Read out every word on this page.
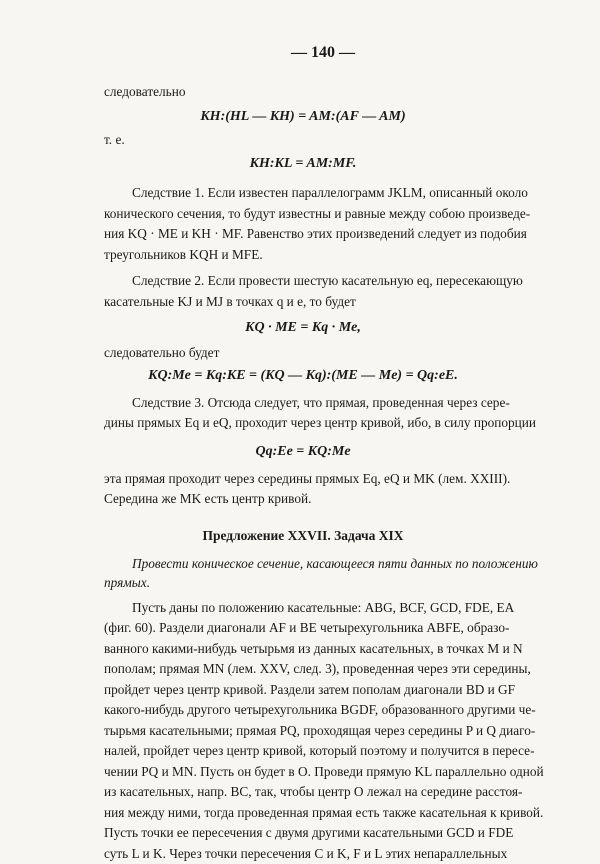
— 140 —

следовательно

KH:(HL — KH) = AM:(AF — AM)

т. е.

KH:KL = AM:MF.

Следствие 1. Если известен параллелограмм JKLM, описанный около

конического сечения, то будут известны и равные между собою произведе-

ния KQ · ME и KH · MF. Равенство этих произведений следует из подобия

треугольников KQH и MFE.

Следствие 2. Если провести шестую касательную eq, пересекающую

касательные KJ и MJ в точках q и e, то будет

KQ · ME = Kq · Me,

следовательно будет

KQ:Me = Kq:KE = (KQ — Kq):(ME — Me) = Qq:eE.

Следствие 3. Отсюда следует, что прямая, проведенная через сере-

дины прямых Eq и eQ, проходит через центр кривой, ибо, в силу пропорции

Qq:Ee = KQ:Me

эта прямая проходит через середины прямых Eq, eQ и MK (лем. XXIII).

Середина же MK есть центр кривой.

Предложение XXVII. Задача XIX

Провести коническое сечение, касающееся пяти данных по положению

прямых.

Пусть даны по положению касательные: ABG, BCF, GCD, FDE, EA

(фиг. 60). Раздели диагонали AF и BE четырехугольника ABFE, образо-

ванного какими-нибудь четырьмя из данных касательных, в точках M и N

пополам; прямая MN (лем. XXV, след. 3), проведенная через эти середины,

пройдет через центр кривой. Раздели затем пополам диагонали BD и GF

какого-нибудь другого четырехугольника BGDF, образованного другими че-

тырьмя касательными; прямая PQ, проходящая через середины P и Q диаго-

налей, пройдет через центр кривой, который поэтому и получится в пересе-

чении PQ и MN. Пусть он будет в O. Проведи прямую KL параллельно одной

из касательных, напр. BC, так, чтобы центр O лежал на середине расстоя-

ния между ними, тогда проведенная прямая есть также касательная к кривой.

Пусть точки ее пересечения с двумя другими касательными GCD и FDE

суть L и K. Через точки пересечения C и K, F и L этих непараллельных
